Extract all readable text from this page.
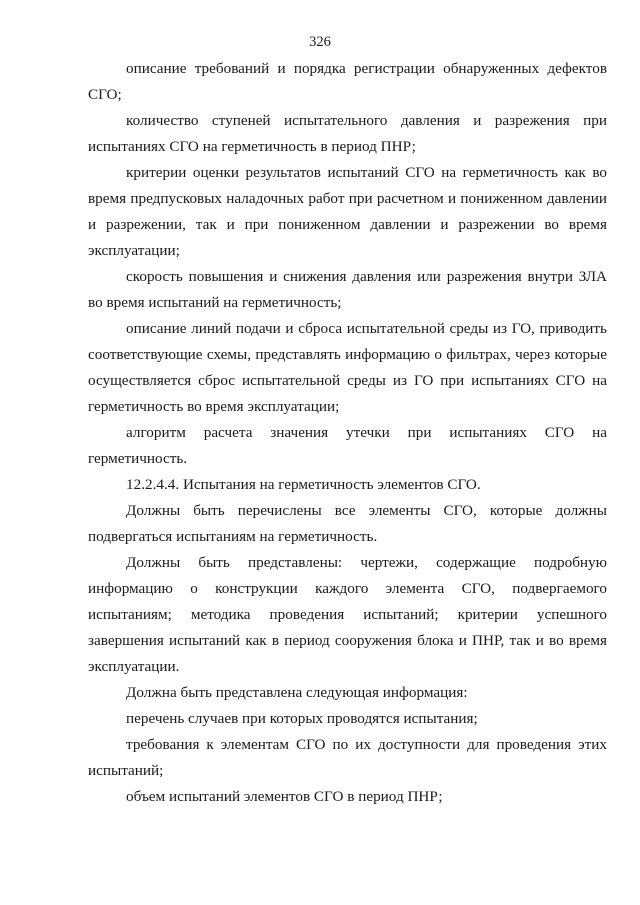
326

описание требований и порядка регистрации обнаруженных дефектов СГО;

количество ступеней испытательного давления и разрежения при испытаниях СГО на герметичность в период ПНР;

критерии оценки результатов испытаний СГО на герметичность как во время предпусковых наладочных работ при расчетном и пониженном давлении и разрежении, так и при пониженном давлении и разрежении во время эксплуатации;

скорость повышения и снижения давления или разрежения внутри ЗЛА во время испытаний на герметичность;

описание линий подачи и сброса испытательной среды из ГО, приводить соответствующие схемы, представлять информацию о фильтрах, через которые осуществляется сброс испытательной среды из ГО при испытаниях СГО на герметичность во время эксплуатации;

алгоритм расчета значения утечки при испытаниях СГО на герметичность.

12.2.4.4. Испытания на герметичность элементов СГО.

Должны быть перечислены все элементы СГО, которые должны подвергаться испытаниям на герметичность.

Должны быть представлены: чертежи, содержащие подробную информацию о конструкции каждого элемента СГО, подвергаемого испытаниям; методика проведения испытаний; критерии успешного завершения испытаний как в период сооружения блока и ПНР, так и во время эксплуатации.

Должна быть представлена следующая информация:

перечень случаев при которых проводятся испытания;

требования к элементам СГО по их доступности для проведения этих испытаний;

объем испытаний элементов СГО в период ПНР;
